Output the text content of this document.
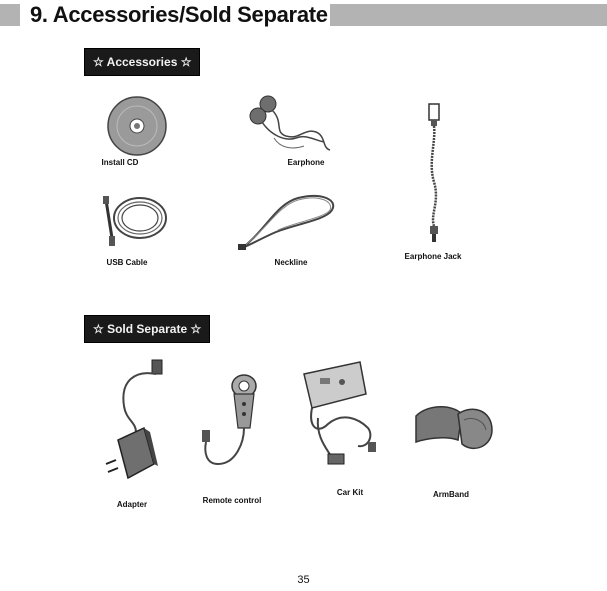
9. Accessories/Sold Separate
☆ Accessories ☆
Install CD	Earphone
USB Cable	Neckline
Earphone Jack
☆ Sold Separate ☆
Adapter	Remote control
Car Kit	ArmBand
35
